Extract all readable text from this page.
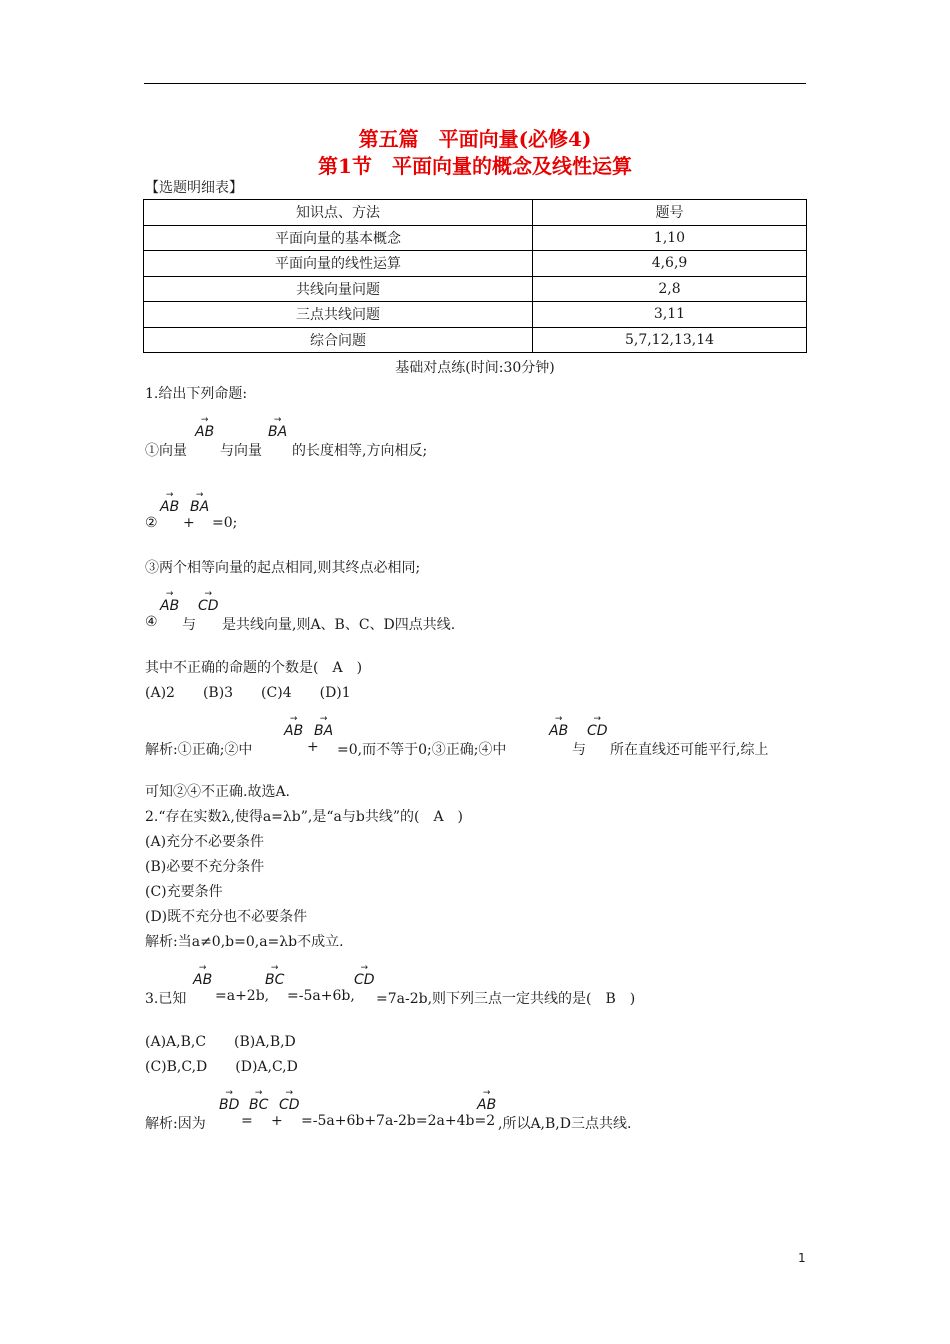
第五篇　平面向量(必修4)
第1节　平面向量的概念及线性运算
【选题明细表】
知识点、方法	题号
平面向量的基本概念	1,10
平面向量的线性运算	4,6,9
共线向量问题	2,8
三点共线问题	3,11
综合问题	5,7,12,13,14
基础对点练(时间:30分钟)
1.给出下列命题:
①向量
→
AB
与向量
→
BA
的长度相等,方向相反;
②
→
AB
+
→
BA
=0;
③两个相等向量的起点相同,则其终点必相同;
④
→
AB
与
→
CD
是共线向量,则A、B、C、D四点共线.
其中不正确的命题的个数是(　A　)
(A)2　　(B)3　　(C)4　　(D)1
解析:①正确;②中
→
AB
+
→
BA
=0,而不等于0;③正确;④中
→
AB
与
→
CD
所在直线还可能平行,综上
可知②④不正确.故选A.
2.“存在实数λ,使得a=λb”,是“a与b共线”的(　A　)
(A)充分不必要条件
(B)必要不充分条件
(C)充要条件
(D)既不充分也不必要条件
解析:当a≠0,b=0,a=λb不成立.
3.已知
→
AB
=a+2b,
→
BC
=-5a+6b,
→
CD
=7a-2b,则下列三点一定共线的是(　B　)
(A)A,B,C　　(B)A,B,D
(C)B,C,D　　(D)A,C,D
解析:因为
→
BD
=
→
BC
+
→
CD
=-5a+6b+7a-2b=2a+4b=2
→
AB
,所以A,B,D三点共线.
1
